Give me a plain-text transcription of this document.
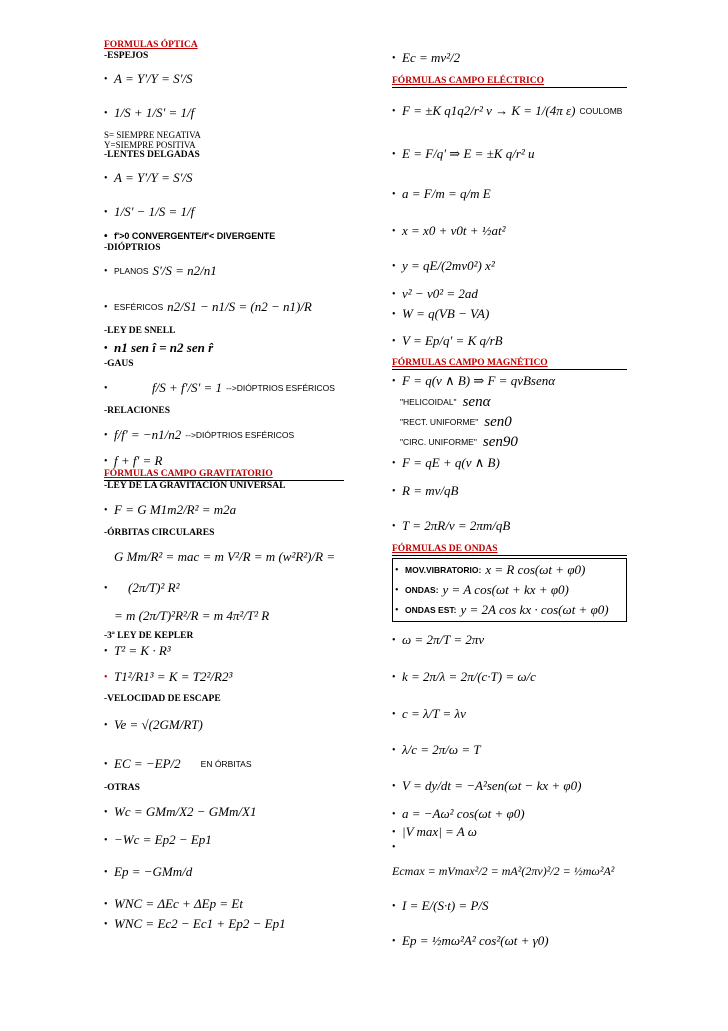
FORMULAS ÓPTICA
-ESPEJOS
• A = Y'/Y = S'/S
• 1/S + 1/S' = 1/f
S= SIEMPRE NEGATIVA
Y=SIEMPRE POSITIVA
-LENTES DELGADAS
• A = Y'/Y = S'/S
• 1/S' − 1/S = 1/f
• f'>0 CONVERGENTE/f'< DIVERGENTE
-DIÓPTRIOS
• PLANOS S'/S = n2/n1
• ESFÉRICOS n2/S1 − n1/S = (n2 − n1)/R
-LEY DE SNELL
• n1 sen î = n2 sen r̂
-GAUS
•	f/S + f'/S' = 1 -->DIÓPTRIOS ESFÉRICOS
-RELACIONES
• f/f' = −n1/n2 -->DIÓPTRIOS ESFÉRICOS
• f + f' = R
FÓRMULAS CAMPO GRAVITATORIO
-LEY DE LA GRAVITACIÓN UNIVERSAL
• F = G M1m2/R² = m2a
-ÓRBITAS CIRCULARES
G Mm/R² = mac = m V²/R = m (w²R²)/R =
•	(2π/T)² R²
= m (2π/T)²R²/R = m 4π²/T² R
-3ª LEY DE KEPLER
• T² = K · R³
• T1²/R1³ = K = T2²/R2³
-VELOCIDAD DE ESCAPE
• Ve = √(2GM/RT)
• EC = −EP/2 EN ÓRBITAS
-OTRAS
• Wc = GMm/X2 − GMm/X1
• −Wc = Ep2 − Ep1
• Ep = −GMm/d
• WNC = ΔEc + ΔEp = Et
• WNC = Ec2 − Ec1 + Ep2 − Ep1
• Ec = mv²/2
FÓRMULAS CAMPO ELÉCTRICO
• F = ±K q1q2/r² v → K = 1/(4π ε) COULOMB
• E = F/q' ⇒ E = ±K q/r² u
• a = F/m = q/m E
• x = x0 + v0t + ½at²
• y = qE/(2mv0²) x²
• v² − v0² = 2ad
• W = q(VB − VA)
• V = Ep/q' = K q/rB
FÓRMULAS CAMPO MAGNÉTICO
• F = q(v ∧ B) ⇒ F = qvBsenα
"HELICOIDAL" senα
"RECT. UNIFORME" sen0
"CIRC. UNIFORME" sen90
• F = qE + q(v ∧ B)
• R = mv/qB
• T = 2πR/v = 2πm/qB
FÓRMULAS DE ONDAS
• MOV.VIBRATORIO: x = R cos(ωt + φ0)
• ONDAS: y = A cos(ωt + kx + φ0)
• ONDAS EST: y = 2A cos kx · cos(ωt + φ0)
• ω = 2π/T = 2πν
• k = 2π/λ = 2π/(c·T) = ω/c
• c = λ/T = λν
• λ/c = 2π/ω = T
• V = dy/dt = −A²sen(ωt − kx + φ0)
• a = −Aω² cos(ωt + φ0)
• |V max| = A ω
•
Ecmax = mVmax²/2 = mA²(2πν)²/2 = ½mω²A²
• I = E/(S·t) = P/S
• Ep = ½mω²A² cos²(ωt + γ0)
